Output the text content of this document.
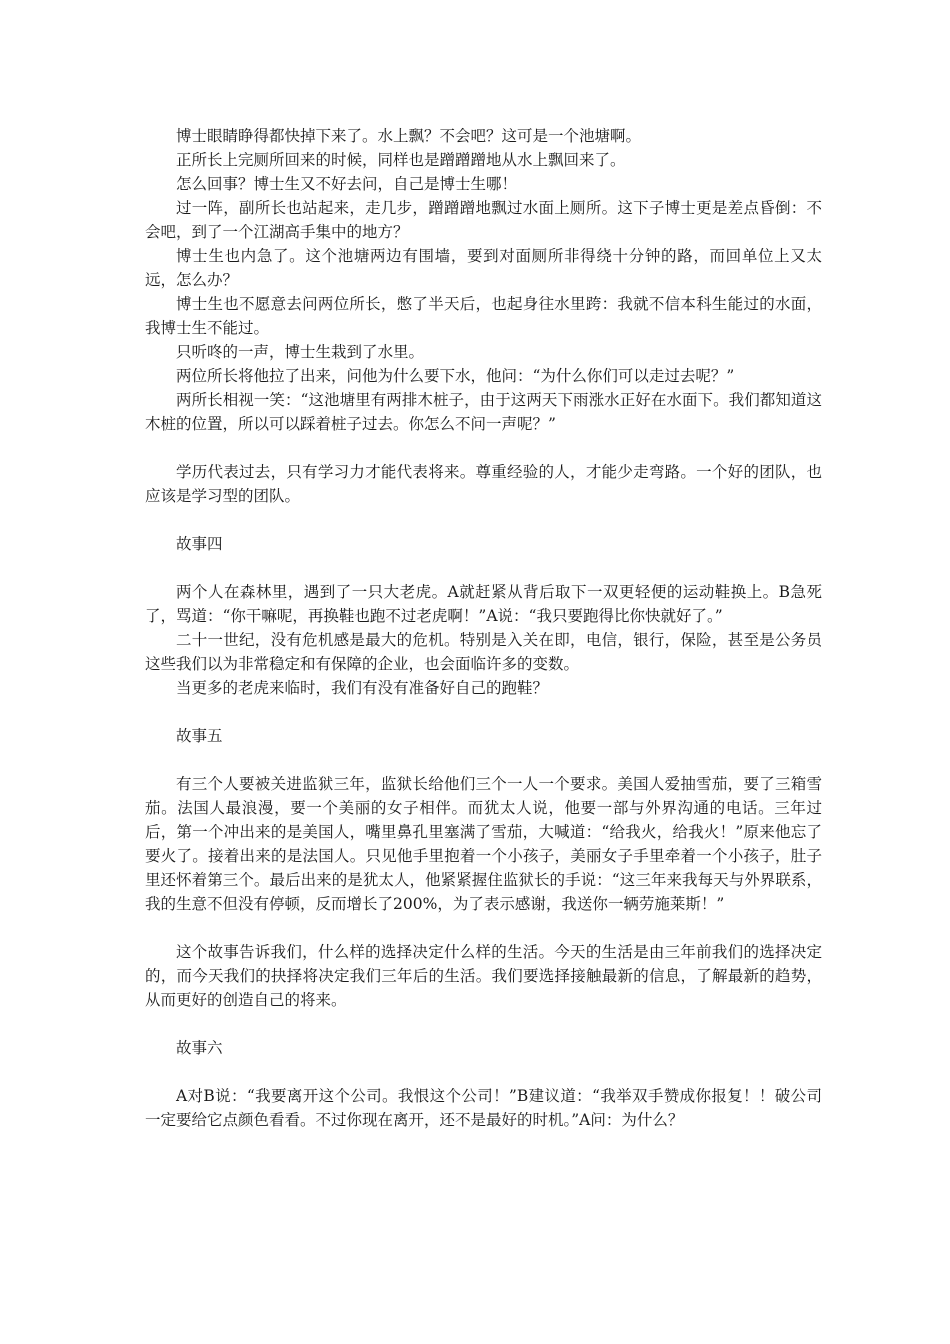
博士眼睛睁得都快掉下来了。水上飘？不会吧？这可是一个池塘啊。
正所长上完厕所回来的时候，同样也是蹭蹭蹭地从水上飘回来了。
怎么回事？博士生又不好去问，自己是博士生哪！
过一阵，副所长也站起来，走几步，蹭蹭蹭地飘过水面上厕所。这下子博士更是差点昏倒：不会吧，到了一个江湖高手集中的地方？
博士生也内急了。这个池塘两边有围墙，要到对面厕所非得绕十分钟的路，而回单位上又太远，怎么办？
博士生也不愿意去问两位所长，憋了半天后，也起身往水里跨：我就不信本科生能过的水面，我博士生不能过。
只听咚的一声，博士生栽到了水里。
两位所长将他拉了出来，问他为什么要下水，他问：“为什么你们可以走过去呢？”
两所长相视一笑：“这池塘里有两排木桩子，由于这两天下雨涨水正好在水面下。我们都知道这木桩的位置，所以可以踩着桩子过去。你怎么不问一声呢？”
学历代表过去，只有学习力才能代表将来。尊重经验的人，才能少走弯路。一个好的团队，也应该是学习型的团队。
故事四
两个人在森林里，遇到了一只大老虎。A就赶紧从背后取下一双更轻便的运动鞋换上。B急死了，骂道：“你干嘛呢，再换鞋也跑不过老虎啊！”A说：“我只要跑得比你快就好了。”
二十一世纪，没有危机感是最大的危机。特别是入关在即，电信，银行，保险，甚至是公务员这些我们以为非常稳定和有保障的企业，也会面临许多的变数。
当更多的老虎来临时，我们有没有准备好自己的跑鞋？
故事五
有三个人要被关进监狱三年，监狱长给他们三个一人一个要求。美国人爱抽雪茄，要了三箱雪茄。法国人最浪漫，要一个美丽的女子相伴。而犹太人说，他要一部与外界沟通的电话。三年过后，第一个冲出来的是美国人，嘴里鼻孔里塞满了雪茄，大喊道：“给我火，给我火！”原来他忘了要火了。接着出来的是法国人。只见他手里抱着一个小孩子，美丽女子手里牵着一个小孩子，肚子里还怀着第三个。最后出来的是犹太人，他紧紧握住监狱长的手说：“这三年来我每天与外界联系，我的生意不但没有停顿，反而增长了200%，为了表示感谢，我送你一辆劳施莱斯！”
这个故事告诉我们，什么样的选择决定什么样的生活。今天的生活是由三年前我们的选择决定的，而今天我们的抉择将决定我们三年后的生活。我们要选择接触最新的信息，了解最新的趋势，从而更好的创造自己的将来。
故事六
A对B说：“我要离开这个公司。我恨这个公司！”B建议道：“我举双手赞成你报复！！破公司一定要给它点颜色看看。不过你现在离开，还不是最好的时机。”A问：为什么？
